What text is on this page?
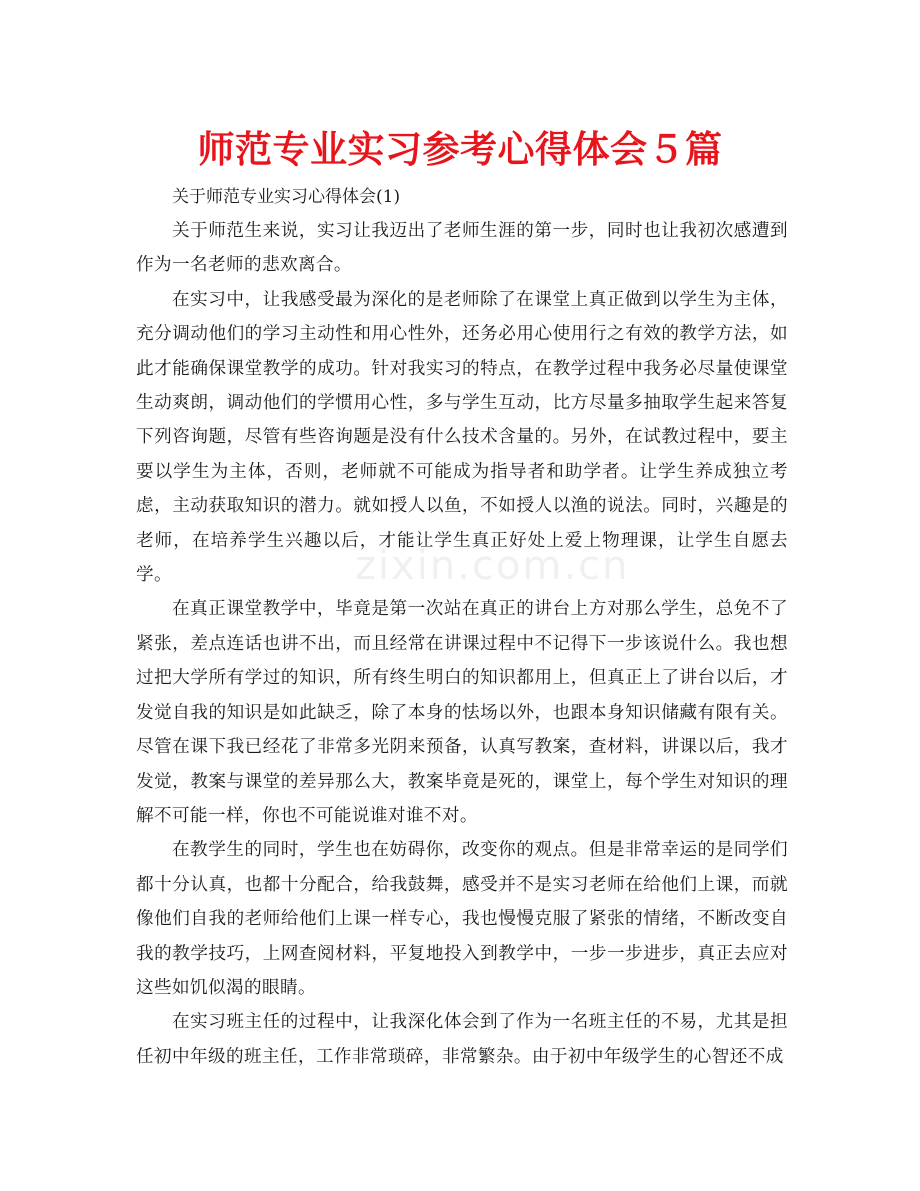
师范专业实习参考心得体会５篇
zixin.com.cn

关于师范专业实习心得体会(1)

关于师范生来说，实习让我迈出了老师生涯的第一步，同时也让我初次感遭到作为一名老师的悲欢离合。

在实习中，让我感受最为深化的是老师除了在课堂上真正做到以学生为主体，充分调动他们的学习主动性和用心性外，还务必用心使用行之有效的教学方法，如此才能确保课堂教学的成功。针对我实习的特点，在教学过程中我务必尽量使课堂生动爽朗，调动他们的学惯用心性，多与学生互动，比方尽量多抽取学生起来答复下列咨询题，尽管有些咨询题是没有什么技术含量的。另外，在试教过程中，要主要以学生为主体，否则，老师就不可能成为指导者和助学者。让学生养成独立考虑，主动获取知识的潜力。就如授人以鱼，不如授人以渔的说法。同时，兴趣是的老师，在培养学生兴趣以后，才能让学生真正好处上爱上物理课，让学生自愿去学。

在真正课堂教学中，毕竟是第一次站在真正的讲台上方对那么学生，总免不了紧张，差点连话也讲不出，而且经常在讲课过程中不记得下一步该说什么。我也想过把大学所有学过的知识，所有终生明白的知识都用上，但真正上了讲台以后，才发觉自我的知识是如此缺乏，除了本身的怯场以外，也跟本身知识储藏有限有关。尽管在课下我已经花了非常多光阴来预备，认真写教案，查材料，讲课以后，我才发觉，教案与课堂的差异那么大，教案毕竟是死的，课堂上，每个学生对知识的理解不可能一样，你也不可能说谁对谁不对。

在教学生的同时，学生也在妨碍你，改变你的观点。但是非常幸运的是同学们都十分认真，也都十分配合，给我鼓舞，感受并不是实习老师在给他们上课，而就像他们自我的老师给他们上课一样专心，我也慢慢克服了紧张的情绪，不断改变自我的教学技巧，上网查阅材料，平复地投入到教学中，一步一步进步，真正去应对这些如饥似渴的眼睛。

在实习班主任的过程中，让我深化体会到了作为一名班主任的不易，尤其是担任初中年级的班主任，工作非常琐碎，非常繁杂。由于初中年级学生的心智还不成
